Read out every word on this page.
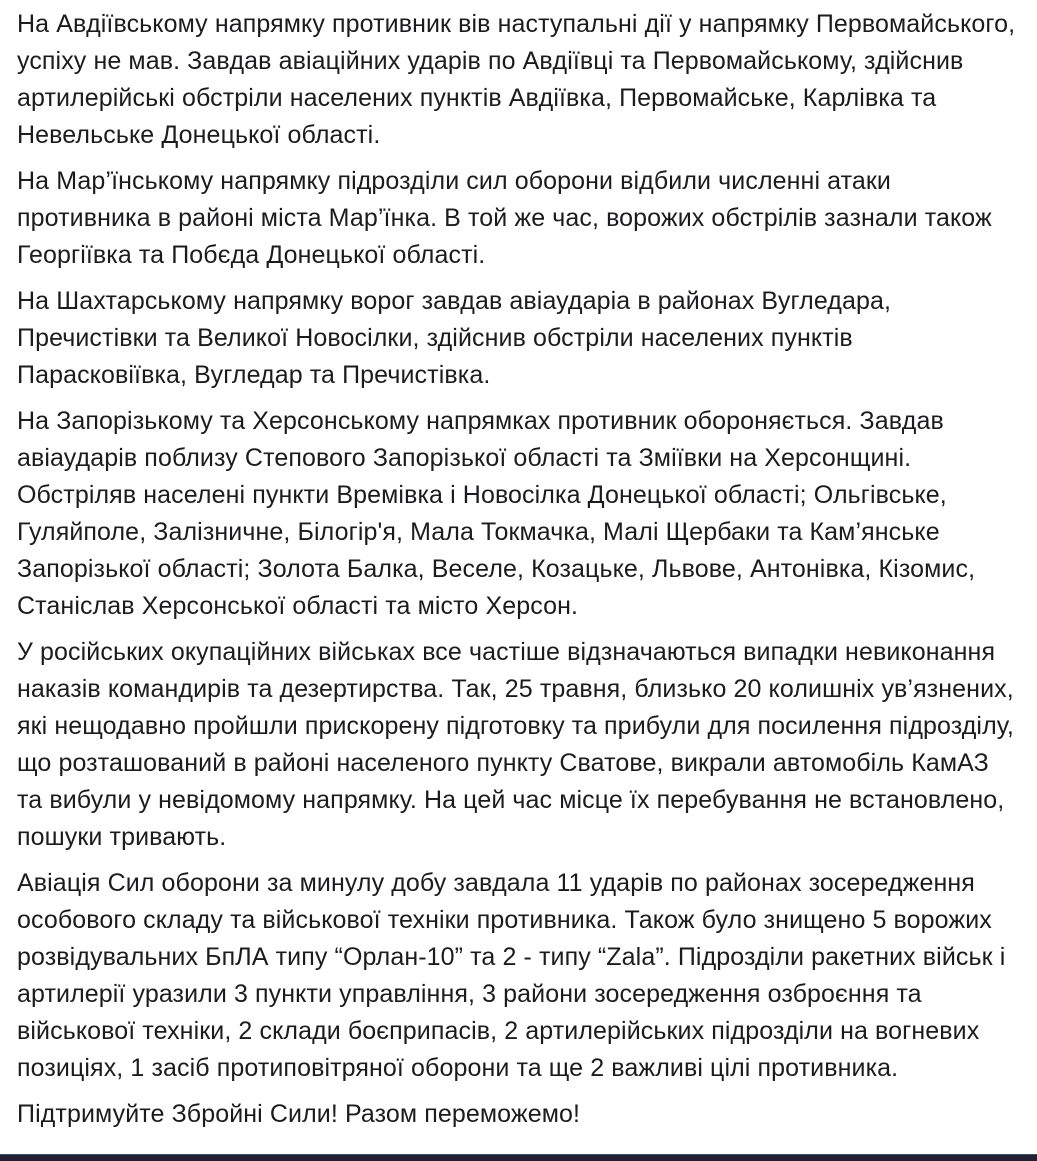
На Авдіївському напрямку противник вів наступальні дії у напрямку Первомайського, успіху не мав. Завдав авіаційних ударів по Авдіївці та Первомайському, здійснив артилерійські обстріли населених пунктів Авдіївка, Первомайське, Карлівка та Невельське Донецької області.

На Мар’їнському напрямку підрозділи сил оборони відбили численні атаки противника в районі міста Мар’їнка. В той же час, ворожих обстрілів зазнали також Георгіївка та Побєда Донецької області.

На Шахтарському напрямку ворог завдав авіаударіа в районах Вугледара, Пречистівки та Великої Новосілки, здійснив обстріли населених пунктів Парасковіївка, Вугледар та Пречистівка.

На Запорізькому та Херсонському напрямках противник обороняється. Завдав авіаударів поблизу Степового Запорізької області та Зміївки на Херсонщині. Обстріляв населені пункти Времівка і Новосілка Донецької області; Ольгівське, Гуляйполе, Залізничне, Білогір'я, Мала Токмачка, Малі Щербаки та Кам’янське Запорізької області; Золота Балка, Веселе, Козацьке, Львове, Антонівка, Кізомис, Станіслав Херсонської області та місто Херсон.

У російських окупаційних військах все частіше відзначаються випадки невиконання наказів командирів та дезертирства. Так, 25 травня, близько 20 колишніх ув’язнених, які нещодавно пройшли прискорену підготовку та прибули для посилення підрозділу, що розташований в районі населеного пункту Сватове, викрали автомобіль КамАЗ та вибули у невідомому напрямку. На цей час місце їх перебування не встановлено, пошуки тривають.

Авіація Сил оборони за минулу добу завдала 11 ударів по районах зосередження особового складу та військової техніки противника. Також було знищено 5 ворожих розвідувальних БпЛА типу “Орлан-10” та 2 - типу “Zala”. Підрозділи ракетних військ і артилерії уразили 3 пункти управління, 3 райони зосередження озброєння та військової техніки, 2 склади боєприпасів, 2 артилерійських підрозділи на вогневих позиціях, 1 засіб протиповітряної оборони та ще 2 важливі цілі противника.

Підтримуйте Збройні Сили! Разом переможемо!
